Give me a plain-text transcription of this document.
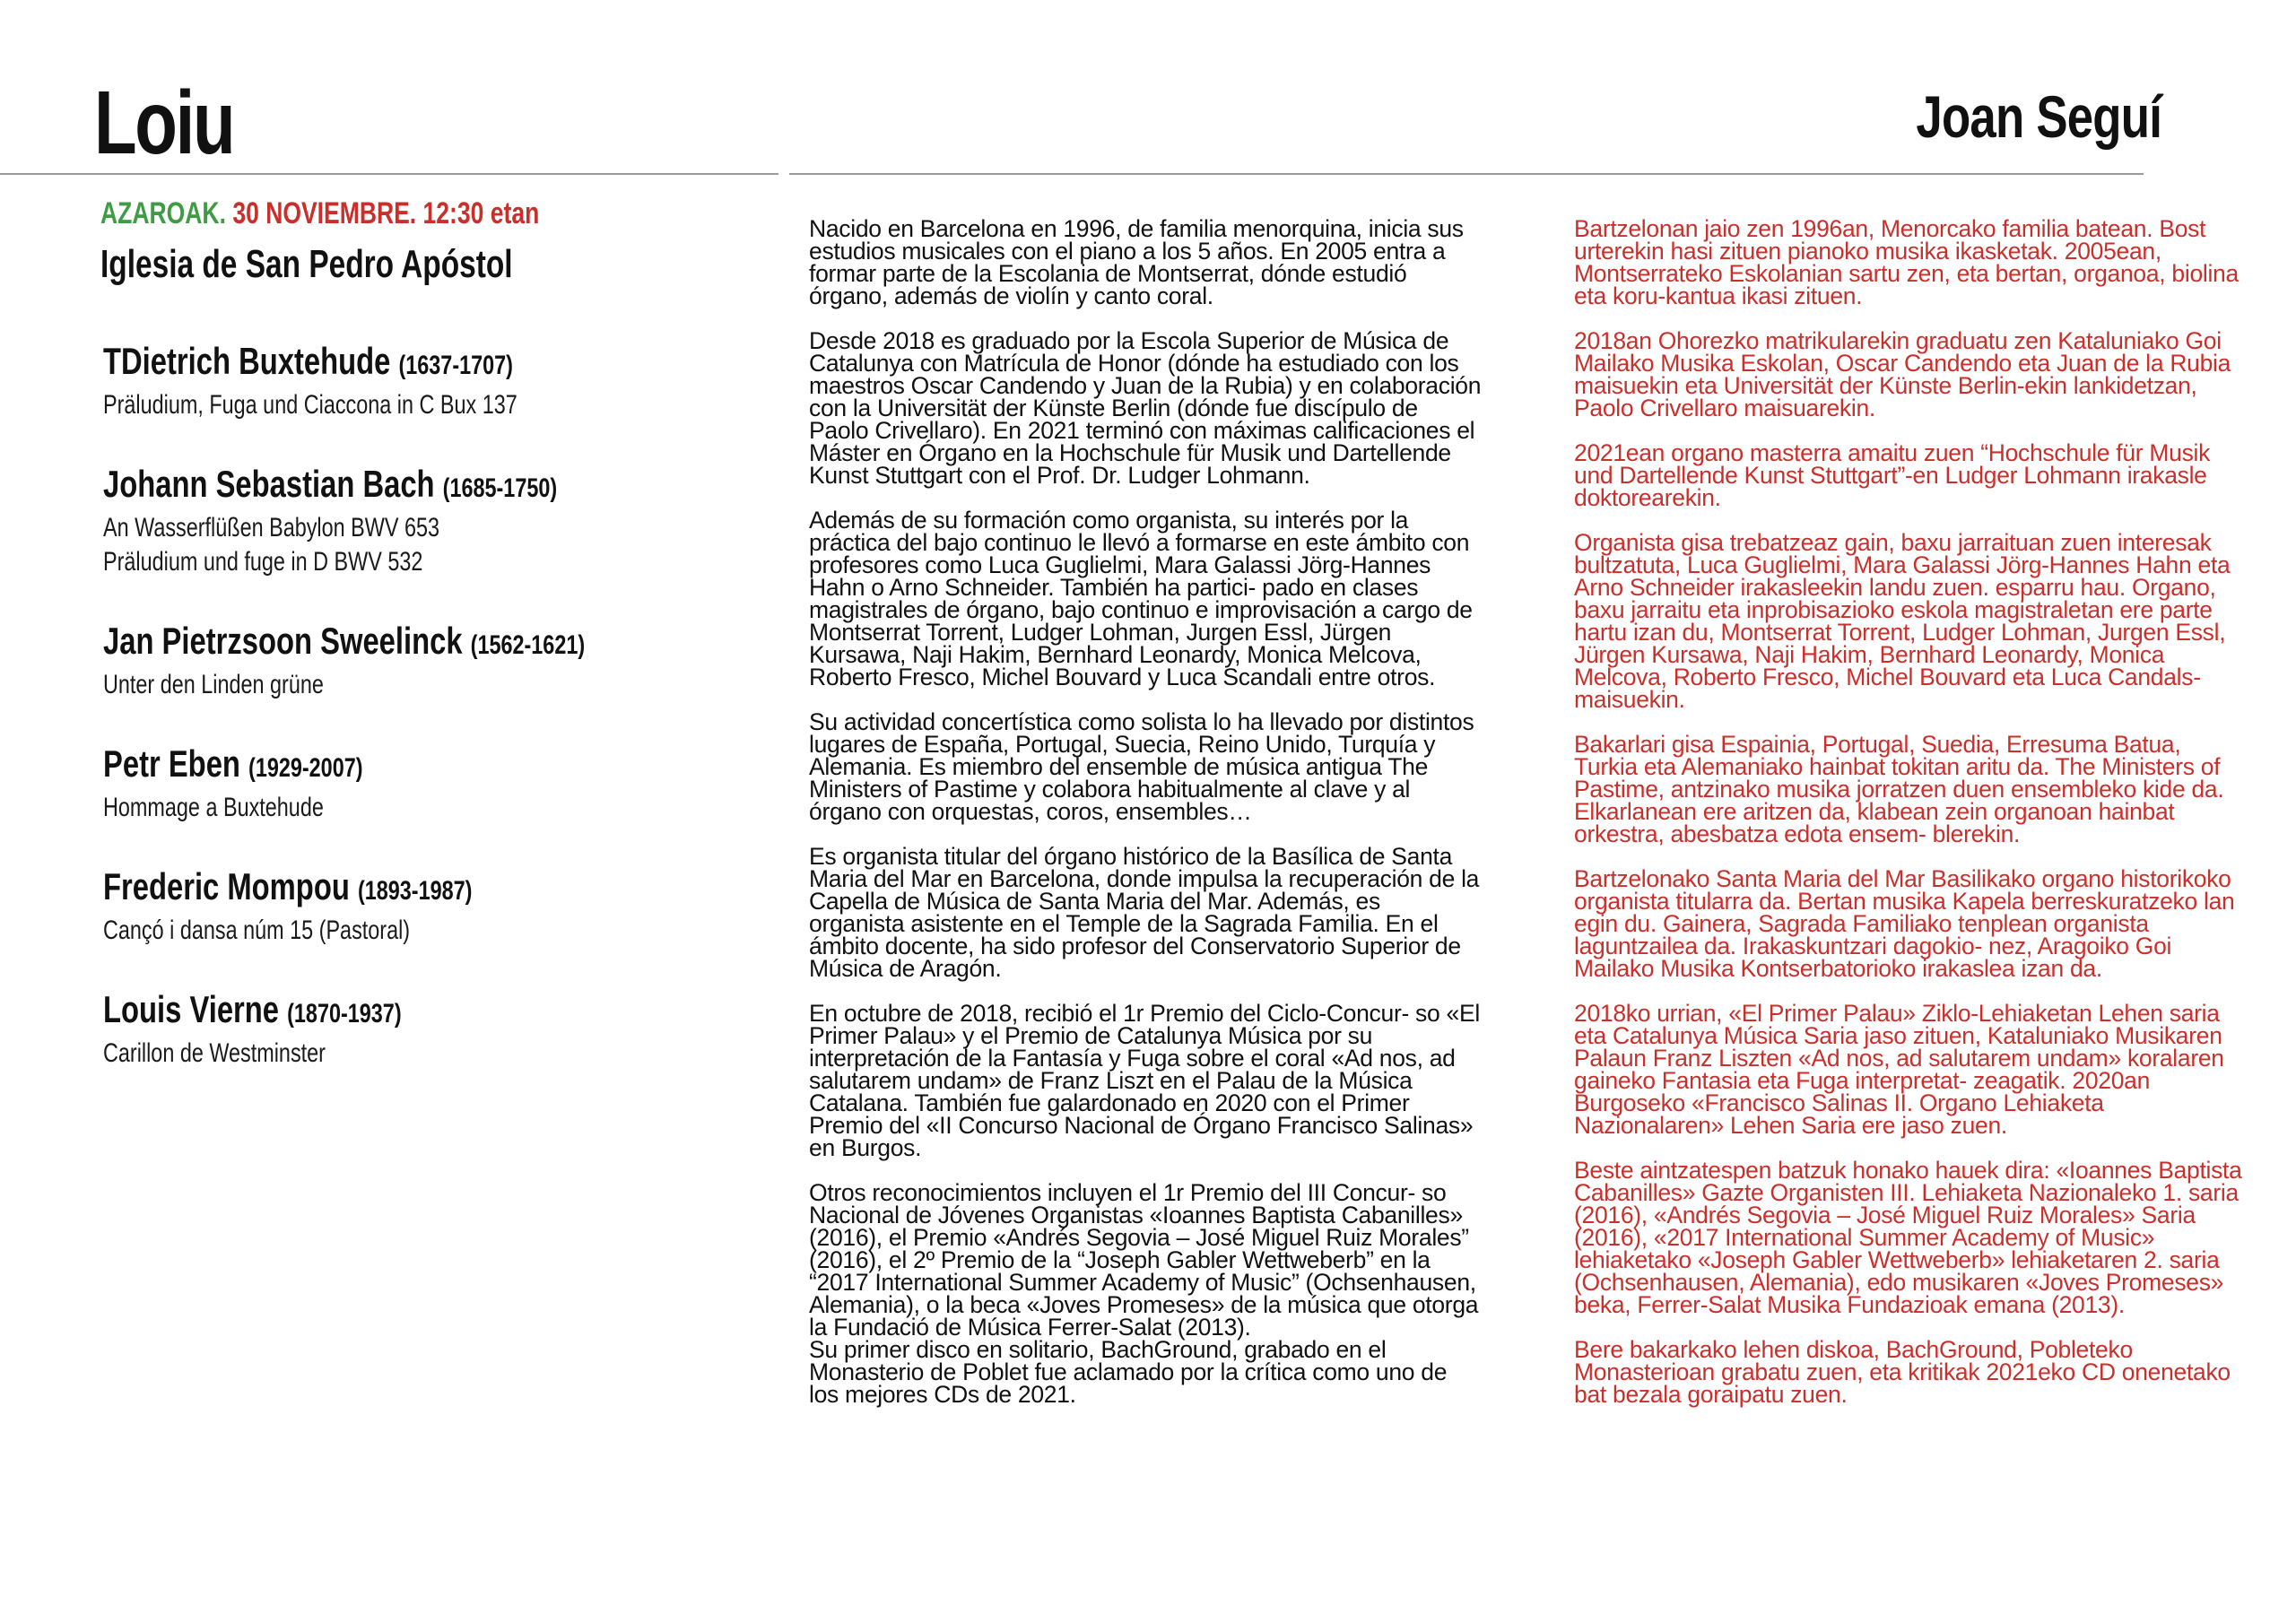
Loiu	Joan Seguí
AZAROAK. 30 NOVIEMBRE. 12:30 etan
Iglesia de San Pedro Apóstol
TDietrich Buxtehude (1637-1707)
Präludium, Fuga und Ciaccona in C Bux 137
Johann Sebastian Bach (1685-1750)
An Wasserflüßen Babylon BWV 653
Präludium und fuge in D BWV 532
Jan Pietrzsoon Sweelinck (1562-1621)
Unter den Linden grüne
Petr Eben (1929-2007)
Hommage a Buxtehude
Frederic Mompou (1893-1987)
Cançó i dansa núm 15 (Pastoral)
Louis Vierne (1870-1937)
Carillon de Westminster

Nacido en Barcelona en 1996, de familia menorquina, inicia sus estudios musicales con el piano a los 5 años. En 2005 entra a formar parte de la Escolania de Montserrat, dónde estudió órgano, además de violín y canto coral.

Desde 2018 es graduado por la Escola Superior de Música de Catalunya con Matrícula de Honor (dónde ha estudiado con los maestros Oscar Candendo y Juan de la Rubia) y en colaboración con la Universität der Künste Berlin (dónde fue discípulo de Paolo Crivellaro). En 2021 terminó con máximas calificaciones el Máster en Órgano en la Hochschule für Musik und Dartellende Kunst Stuttgart con el Prof. Dr. Ludger Lohmann.

Además de su formación como organista, su interés por la práctica del bajo continuo le llevó a formarse en este ámbito con profesores como Luca Guglielmi, Mara Galassi Jörg-Hannes Hahn o Arno Schneider. También ha partici- pado en clases magistrales de órgano, bajo continuo e improvisación a cargo de Montserrat Torrent, Ludger Lohman, Jurgen Essl, Jürgen Kursawa, Naji Hakim, Bernhard Leonardy, Monica Melcova, Roberto Fresco, Michel Bouvard y Luca Scandali entre otros.

Su actividad concertística como solista lo ha llevado por distintos lugares de España, Portugal, Suecia, Reino Unido, Turquía y Alemania. Es miembro del ensemble de música antigua The Ministers of Pastime y colabora habitualmente al clave y al órgano con orquestas, coros, ensembles…

Es organista titular del órgano histórico de la Basílica de Santa Maria del Mar en Barcelona, donde impulsa la recuperación de la Capella de Música de Santa Maria del Mar. Además, es organista asistente en el Temple de la Sagrada Familia. En el ámbito docente, ha sido profesor del Conservatorio Superior de Música de Aragón.

En octubre de 2018, recibió el 1r Premio del Ciclo-Concur- so «El Primer Palau» y el Premio de Catalunya Música por su interpretación de la Fantasía y Fuga sobre el coral «Ad nos, ad salutarem undam» de Franz Liszt en el Palau de la Música Catalana. También fue galardonado en 2020 con el Primer Premio del «II Concurso Nacional de Órgano Francisco Salinas» en Burgos.

Otros reconocimientos incluyen el 1r Premio del III Concur- so Nacional de Jóvenes Organistas «Ioannes Baptista Cabanilles» (2016), el Premio «Andrés Segovia – José Miguel Ruiz Morales” (2016), el 2º Premio de la “Joseph Gabler Wettweberb” en la “2017 International Summer Academy of Music” (Ochsenhausen, Alemania), o la beca «Joves Promeses» de la música que otorga la Fundació de Música Ferrer-Salat (2013).

Su primer disco en solitario, BachGround, grabado en el Monasterio de Poblet fue aclamado por la crítica como uno de los mejores CDs de 2021.

Bartzelonan jaio zen 1996an, Menorcako familia batean. Bost urterekin hasi zituen pianoko musika ikasketak. 2005ean, Montserrateko Eskolanian sartu zen, eta bertan, organoa, biolina eta koru-kantua ikasi zituen.

2018an Ohorezko matrikularekin graduatu zen Kataluniako Goi Mailako Musika Eskolan, Oscar Candendo eta Juan de la Rubia maisuekin eta Universität der Künste Berlin-ekin lankidetzan, Paolo Crivellaro maisuarekin.

2021ean organo masterra amaitu zuen “Hochschule für Musik und Dartellende Kunst Stuttgart”-en Ludger Lohmann irakasle doktorearekin.

Organista gisa trebatzeaz gain, baxu jarraituan zuen interesak bultzatuta, Luca Guglielmi, Mara Galassi Jörg-Hannes Hahn eta Arno Schneider irakasleekin landu zuen. esparru hau. Organo, baxu jarraitu eta inprobisazioko eskola magistraletan ere parte hartu izan du, Montserrat Torrent, Ludger Lohman, Jurgen Essl, Jürgen Kursawa, Naji Hakim, Bernhard Leonardy, Monica Melcova, Roberto Fresco, Michel Bouvard eta Luca Candals-maisuekin.

Bakarlari gisa Espainia, Portugal, Suedia, Erresuma Batua, Turkia eta Alemaniako hainbat tokitan aritu da. The Ministers of Pastime, antzinako musika jorratzen duen ensembleko kide da. Elkarlanean ere aritzen da, klabean zein organoan hainbat orkestra, abesbatza edota ensem- blerekin.

Bartzelonako Santa Maria del Mar Basilikako organo historikoko organista titularra da. Bertan musika Kapela berreskuratzeko lan egin du. Gainera, Sagrada Familiako tenplean organista laguntzailea da. Irakaskuntzari dagokio- nez, Aragoiko Goi Mailako Musika Kontserbatorioko irakaslea izan da.

2018ko urrian, «El Primer Palau» Ziklo-Lehiaketan Lehen saria eta Catalunya Música Saria jaso zituen, Kataluniako Musikaren Palaun Franz Liszten «Ad nos, ad salutarem undam» koralaren gaineko Fantasia eta Fuga interpretat- zeagatik. 2020an Burgoseko «Francisco Salinas II. Organo Lehiaketa Nazionalaren» Lehen Saria ere jaso zuen.

Beste aintzatespen batzuk honako hauek dira: «Ioannes Baptista Cabanilles» Gazte Organisten III. Lehiaketa Nazionaleko 1. saria (2016), «Andrés Segovia – José Miguel Ruiz Morales» Saria (2016), «2017 International Summer Academy of Music» lehiaketako «Joseph Gabler Wettweberb» lehiaketaren 2. saria (Ochsenhausen, Alemania), edo musikaren «Joves Promeses» beka, Ferrer-Salat Musika Fundazioak emana (2013).

Bere bakarkako lehen diskoa, BachGround, Pobleteko Monasterioan grabatu zuen, eta kritikak 2021eko CD onenetako bat bezala goraipatu zuen.
